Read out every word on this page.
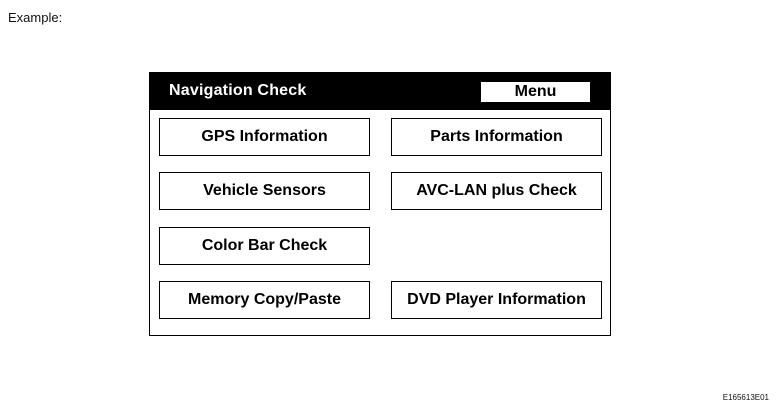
Example:
Navigation Check	Menu
GPS Information	Parts Information
Vehicle Sensors	AVC-LAN plus Check
Color Bar Check
Memory Copy/Paste	DVD Player Information
E165613E01
